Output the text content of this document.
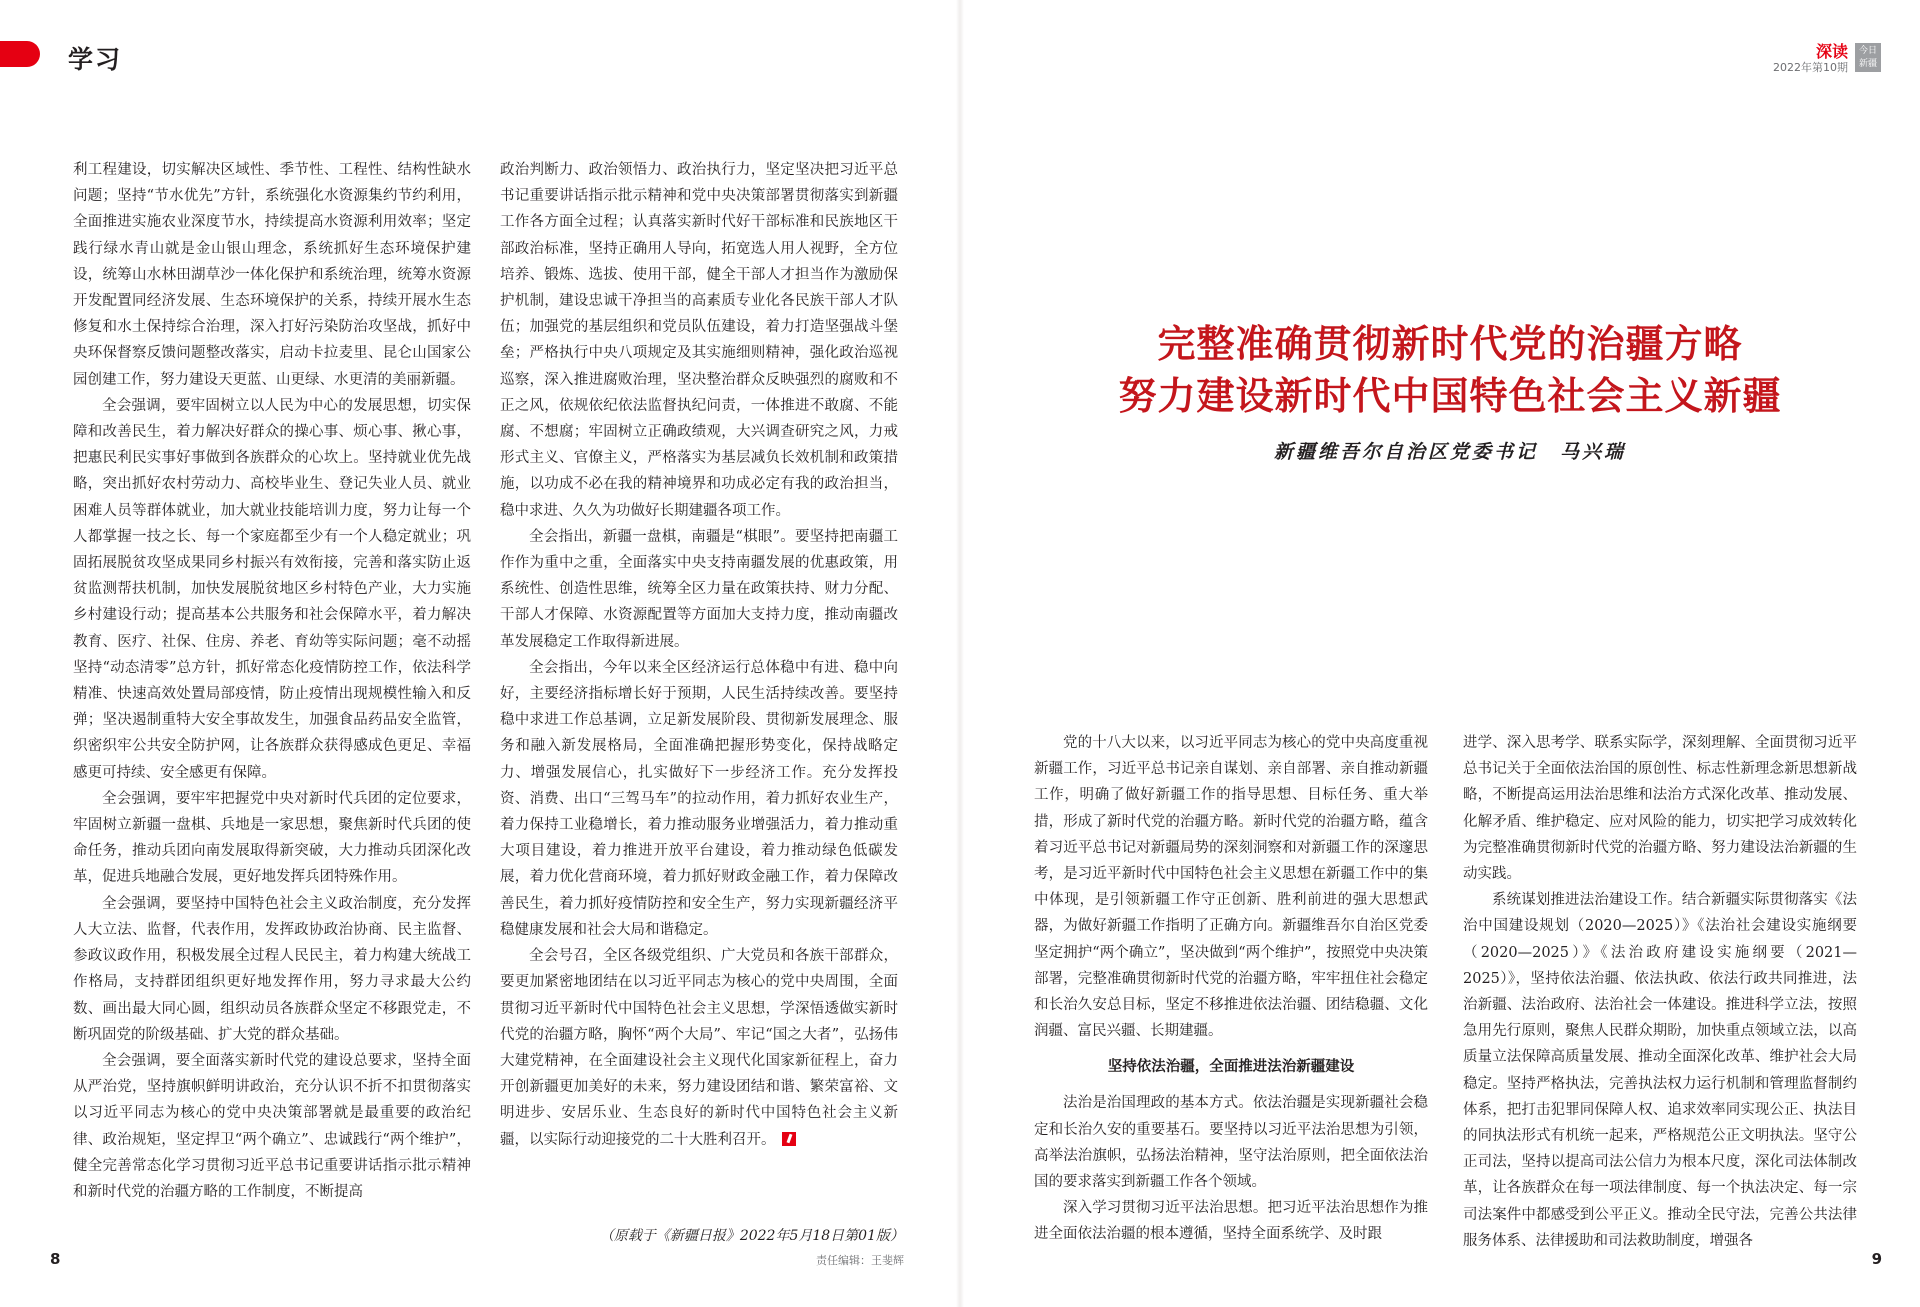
学习	深读
2022年第10期
今日
新疆

利工程建设，切实解决区域性、季节性、工程性、结构性缺水问题；坚持“节水优先”方针，系统强化水资源集约节约利用，全面推进实施农业深度节水，持续提高水资源利用效率；坚定践行绿水青山就是金山银山理念，系统抓好生态环境保护建设，统筹山水林田湖草沙一体化保护和系统治理，统筹水资源开发配置同经济发展、生态环境保护的关系，持续开展水生态修复和水土保持综合治理，深入打好污染防治攻坚战，抓好中央环保督察反馈问题整改落实，启动卡拉麦里、昆仑山国家公园创建工作，努力建设天更蓝、山更绿、水更清的美丽新疆。

全会强调，要牢固树立以人民为中心的发展思想，切实保障和改善民生，着力解决好群众的操心事、烦心事、揪心事，把惠民利民实事好事做到各族群众的心坎上。坚持就业优先战略，突出抓好农村劳动力、高校毕业生、登记失业人员、就业困难人员等群体就业，加大就业技能培训力度，努力让每一个人都掌握一技之长、每一个家庭都至少有一个人稳定就业；巩固拓展脱贫攻坚成果同乡村振兴有效衔接，完善和落实防止返贫监测帮扶机制，加快发展脱贫地区乡村特色产业，大力实施乡村建设行动；提高基本公共服务和社会保障水平，着力解决教育、医疗、社保、住房、养老、育幼等实际问题；毫不动摇坚持“动态清零”总方针，抓好常态化疫情防控工作，依法科学精准、快速高效处置局部疫情，防止疫情出现规模性输入和反弹；坚决遏制重特大安全事故发生，加强食品药品安全监管，织密织牢公共安全防护网，让各族群众获得感成色更足、幸福感更可持续、安全感更有保障。

全会强调，要牢牢把握党中央对新时代兵团的定位要求，牢固树立新疆一盘棋、兵地是一家思想，聚焦新时代兵团的使命任务，推动兵团向南发展取得新突破，大力推动兵团深化改革，促进兵地融合发展，更好地发挥兵团特殊作用。

全会强调，要坚持中国特色社会主义政治制度，充分发挥人大立法、监督，代表作用，发挥政协政治协商、民主监督、参政议政作用，积极发展全过程人民民主，着力构建大统战工作格局，支持群团组织更好地发挥作用，努力寻求最大公约数、画出最大同心圆，组织动员各族群众坚定不移跟党走，不断巩固党的阶级基础、扩大党的群众基础。

全会强调，要全面落实新时代党的建设总要求，坚持全面从严治党，坚持旗帜鲜明讲政治，充分认识不折不扣贯彻落实以习近平同志为核心的党中央决策部署就是最重要的政治纪律、政治规矩，坚定捍卫“两个确立”、忠诚践行“两个维护”，健全完善常态化学习贯彻习近平总书记重要讲话指示批示精神和新时代党的治疆方略的工作制度，不断提高

政治判断力、政治领悟力、政治执行力，坚定坚决把习近平总书记重要讲话指示批示精神和党中央决策部署贯彻落实到新疆工作各方面全过程；认真落实新时代好干部标准和民族地区干部政治标准，坚持正确用人导向，拓宽选人用人视野，全方位培养、锻炼、选拔、使用干部，健全干部人才担当作为激励保护机制，建设忠诚干净担当的高素质专业化各民族干部人才队伍；加强党的基层组织和党员队伍建设，着力打造坚强战斗堡垒；严格执行中央八项规定及其实施细则精神，强化政治巡视巡察，深入推进腐败治理，坚决整治群众反映强烈的腐败和不正之风，依规依纪依法监督执纪问责，一体推进不敢腐、不能腐、不想腐；牢固树立正确政绩观，大兴调查研究之风，力戒形式主义、官僚主义，严格落实为基层减负长效机制和政策措施，以功成不必在我的精神境界和功成必定有我的政治担当，稳中求进、久久为功做好长期建疆各项工作。

全会指出，新疆一盘棋，南疆是“棋眼”。要坚持把南疆工作作为重中之重，全面落实中央支持南疆发展的优惠政策，用系统性、创造性思维，统筹全区力量在政策扶持、财力分配、干部人才保障、水资源配置等方面加大支持力度，推动南疆改革发展稳定工作取得新进展。

全会指出，今年以来全区经济运行总体稳中有进、稳中向好，主要经济指标增长好于预期，人民生活持续改善。要坚持稳中求进工作总基调，立足新发展阶段、贯彻新发展理念、服务和融入新发展格局，全面准确把握形势变化，保持战略定力、增强发展信心，扎实做好下一步经济工作。充分发挥投资、消费、出口“三驾马车”的拉动作用，着力抓好农业生产，着力保持工业稳增长，着力推动服务业增强活力，着力推动重大项目建设，着力推进开放平台建设，着力推动绿色低碳发展，着力优化营商环境，着力抓好财政金融工作，着力保障改善民生，着力抓好疫情防控和安全生产，努力实现新疆经济平稳健康发展和社会大局和谐稳定。

全会号召，全区各级党组织、广大党员和各族干部群众，要更加紧密地团结在以习近平同志为核心的党中央周围，全面贯彻习近平新时代中国特色社会主义思想，学深悟透做实新时代党的治疆方略，胸怀“两个大局”、牢记“国之大者”，弘扬伟大建党精神，在全面建设社会主义现代化国家新征程上，奋力开创新疆更加美好的未来，努力建设团结和谐、繁荣富裕、文明进步、安居乐业、生态良好的新时代中国特色社会主义新疆，以实际行动迎接党的二十大胜利召开。

（原载于《新疆日报》2022年5月18日第01版）
责任编辑：王斐辉
8
完整准确贯彻新时代党的治疆方略
努力建设新时代中国特色社会主义新疆
新疆维吾尔自治区党委书记　马兴瑞

党的十八大以来，以习近平同志为核心的党中央高度重视新疆工作，习近平总书记亲自谋划、亲自部署、亲自推动新疆工作，明确了做好新疆工作的指导思想、目标任务、重大举措，形成了新时代党的治疆方略。新时代党的治疆方略，蕴含着习近平总书记对新疆局势的深刻洞察和对新疆工作的深邃思考，是习近平新时代中国特色社会主义思想在新疆工作中的集中体现，是引领新疆工作守正创新、胜利前进的强大思想武器，为做好新疆工作指明了正确方向。新疆维吾尔自治区党委坚定拥护“两个确立”，坚决做到“两个维护”，按照党中央决策部署，完整准确贯彻新时代党的治疆方略，牢牢扭住社会稳定和长治久安总目标，坚定不移推进依法治疆、团结稳疆、文化润疆、富民兴疆、长期建疆。

坚持依法治疆，全面推进法治新疆建设

法治是治国理政的基本方式。依法治疆是实现新疆社会稳定和长治久安的重要基石。要坚持以习近平法治思想为引领，高举法治旗帜，弘扬法治精神，坚守法治原则，把全面依法治国的要求落实到新疆工作各个领域。

深入学习贯彻习近平法治思想。把习近平法治思想作为推进全面依法治疆的根本遵循，坚持全面系统学、及时跟

进学、深入思考学、联系实际学，深刻理解、全面贯彻习近平总书记关于全面依法治国的原创性、标志性新理念新思想新战略，不断提高运用法治思维和法治方式深化改革、推动发展、化解矛盾、维护稳定、应对风险的能力，切实把学习成效转化为完整准确贯彻新时代党的治疆方略、努力建设法治新疆的生动实践。

系统谋划推进法治建设工作。结合新疆实际贯彻落实《法治中国建设规划（2020—2025）》《法治社会建设实施纲要（2020—2025）》《法治政府建设实施纲要（2021—2025）》，坚持依法治疆、依法执政、依法行政共同推进，法治新疆、法治政府、法治社会一体建设。推进科学立法，按照急用先行原则，聚焦人民群众期盼，加快重点领域立法，以高质量立法保障高质量发展、推动全面深化改革、维护社会大局稳定。坚持严格执法，完善执法权力运行机制和管理监督制约体系，把打击犯罪同保障人权、追求效率同实现公正、执法目的同执法形式有机统一起来，严格规范公正文明执法。坚守公正司法，坚持以提高司法公信力为根本尺度，深化司法体制改革，让各族群众在每一项法律制度、每一个执法决定、每一宗司法案件中都感受到公平正义。推动全民守法，完善公共法律服务体系、法律援助和司法救助制度，增强各

9
